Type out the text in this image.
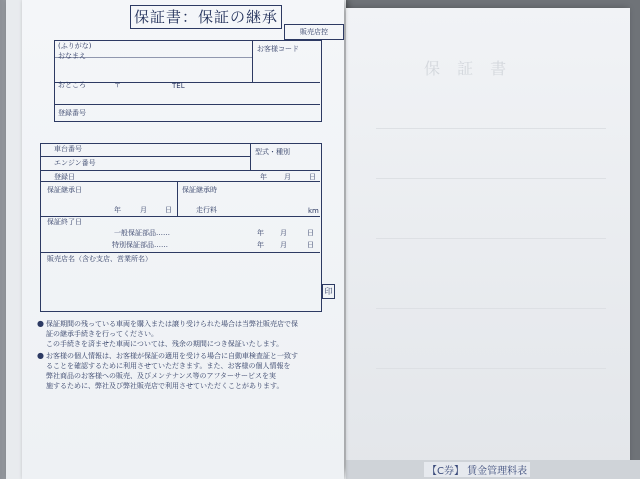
保 証 書
【C券】 賃金管理料表
保証書：保証の継承
販売店控
(ふりがな)
おなまえ
お客様コード
おところ	〒	TEL
登録番号

車台番号	型式・種別
エンジン番号
登録日	年 月	日
保証継承日
年	月	日
保証継承時
走行料	km
保証終了日
一般保証部品……	年 月	日
特別保証部品……	年 月	日
販売店名（含む支店、営業所名）
印
● 保証期間の残っている車両を購入または譲り受けられた場合は当弊社販売店で保
証の継承手続きを行ってください。
この手続きを済ませた車両については、残余の期間につき保証いたします。
● お客様の個人情報は、お客様が保証の適用を受ける場合に自動車検査証と一致す
ることを確認するために利用させていただきます。また、お客様の個人情報を
弊社商品のお客様への販売、及びメンテナンス等のアフターサービスを実
施するために、弊社及び弊社販売店で利用させていただくことがあります。
